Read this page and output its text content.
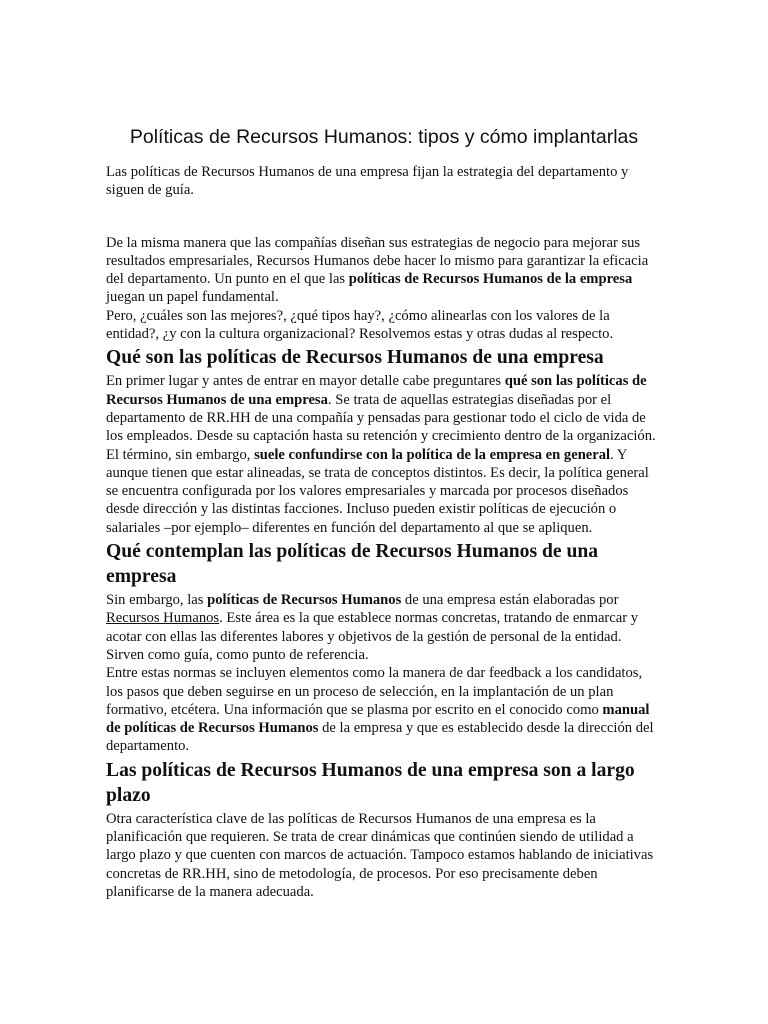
Políticas de Recursos Humanos: tipos y cómo implantarlas

Las políticas de Recursos Humanos de una empresa fijan la estrategia del departamento y siguen de guía.

De la misma manera que las compañías diseñan sus estrategias de negocio para mejorar sus resultados empresariales, Recursos Humanos debe hacer lo mismo para garantizar la eficacia del departamento. Un punto en el que las políticas de Recursos Humanos de la empresa juegan un papel fundamental.

Pero, ¿cuáles son las mejores?, ¿qué tipos hay?, ¿cómo alinearlas con los valores de la entidad?, ¿y con la cultura organizacional? Resolvemos estas y otras dudas al respecto.

Qué son las políticas de Recursos Humanos de una empresa

En primer lugar y antes de entrar en mayor detalle cabe preguntares qué son las políticas de Recursos Humanos de una empresa. Se trata de aquellas estrategias diseñadas por el departamento de RR.HH de una compañía y pensadas para gestionar todo el ciclo de vida de los empleados. Desde su captación hasta su retención y crecimiento dentro de la organización.

El término, sin embargo, suele confundirse con la política de la empresa en general. Y aunque tienen que estar alineadas, se trata de conceptos distintos. Es decir, la política general se encuentra configurada por los valores empresariales y marcada por procesos diseñados desde dirección y las distintas facciones. Incluso pueden existir políticas de ejecución o salariales –por ejemplo– diferentes en función del departamento al que se apliquen.

Qué contemplan las políticas de Recursos Humanos de una empresa

Sin embargo, las políticas de Recursos Humanos de una empresa están elaboradas por Recursos Humanos. Este área es la que establece normas concretas, tratando de enmarcar y acotar con ellas las diferentes labores y objetivos de la gestión de personal de la entidad. Sirven como guía, como punto de referencia.

Entre estas normas se incluyen elementos como la manera de dar feedback a los candidatos, los pasos que deben seguirse en un proceso de selección, en la implantación de un plan formativo, etcétera. Una información que se plasma por escrito en el conocido como manual de políticas de Recursos Humanos de la empresa y que es establecido desde la dirección del departamento.

Las políticas de Recursos Humanos de una empresa son a largo plazo

Otra característica clave de las políticas de Recursos Humanos de una empresa es la planificación que requieren. Se trata de crear dinámicas que continúen siendo de utilidad a largo plazo y que cuenten con marcos de actuación. Tampoco estamos hablando de iniciativas concretas de RR.HH, sino de metodología, de procesos. Por eso precisamente deben planificarse de la manera adecuada.
